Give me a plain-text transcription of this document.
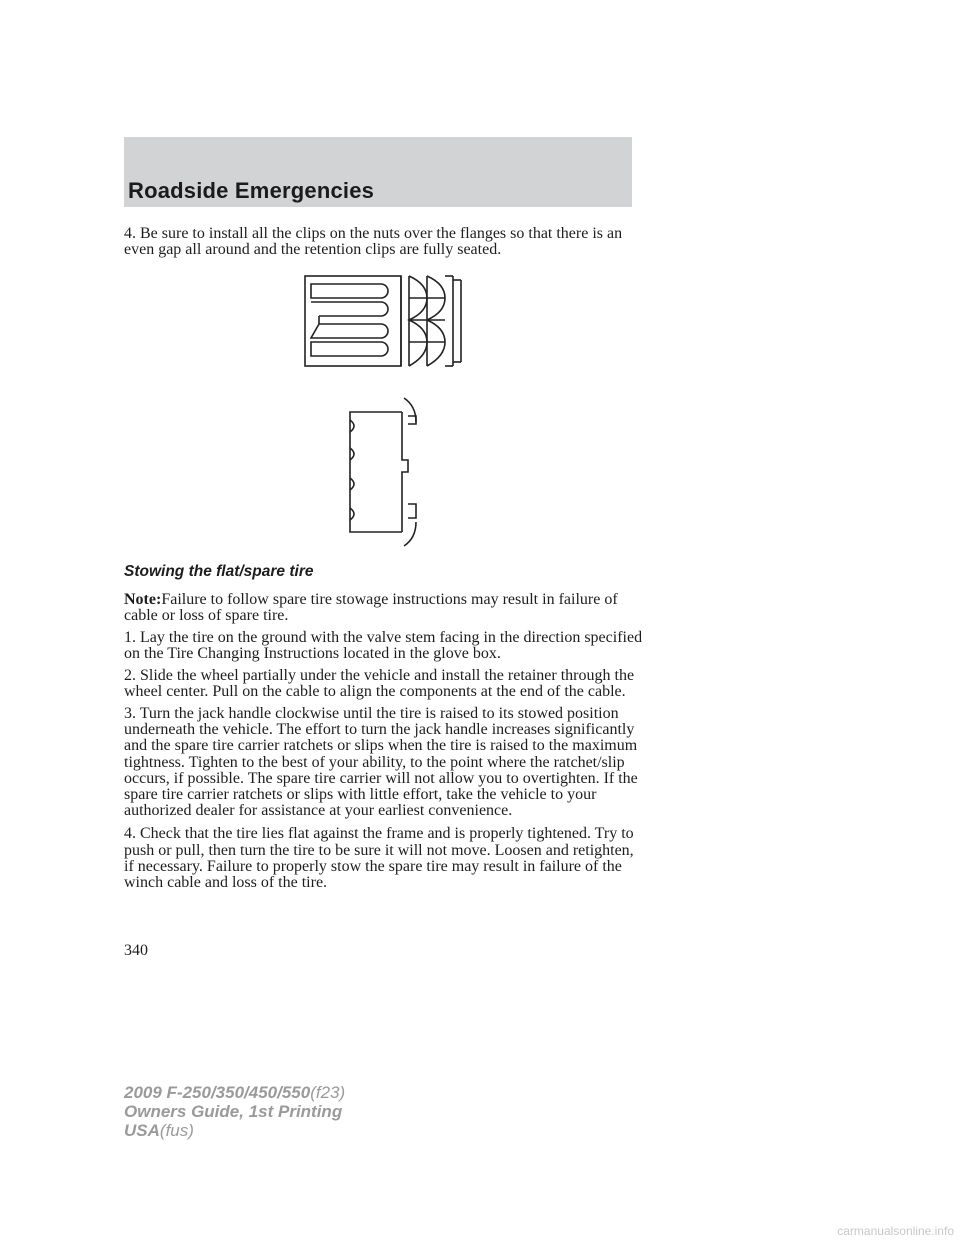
Roadside Emergencies

4. Be sure to install all the clips on the nuts over the flanges so that there is an even gap all around and the retention clips are fully seated.

Stowing the flat/spare tire

Note:Failure to follow spare tire stowage instructions may result in failure of cable or loss of spare tire.

1. Lay the tire on the ground with the valve stem facing in the direction specified on the Tire Changing Instructions located in the glove box.

2. Slide the wheel partially under the vehicle and install the retainer through the wheel center. Pull on the cable to align the components at the end of the cable.

3. Turn the jack handle clockwise until the tire is raised to its stowed position underneath the vehicle. The effort to turn the jack handle increases significantly and the spare tire carrier ratchets or slips when the tire is raised to the maximum tightness. Tighten to the best of your ability, to the point where the ratchet/slip occurs, if possible. The spare tire carrier will not allow you to overtighten. If the spare tire carrier ratchets or slips with little effort, take the vehicle to your authorized dealer for assistance at your earliest convenience.

4. Check that the tire lies flat against the frame and is properly tightened. Try to push or pull, then turn the tire to be sure it will not move. Loosen and retighten, if necessary. Failure to properly stow the spare tire may result in failure of the winch cable and loss of the tire.

340
2009 F-250/350/450/550(f23)
Owners Guide, 1st Printing
USA(fus)
carmanualsonline.info
